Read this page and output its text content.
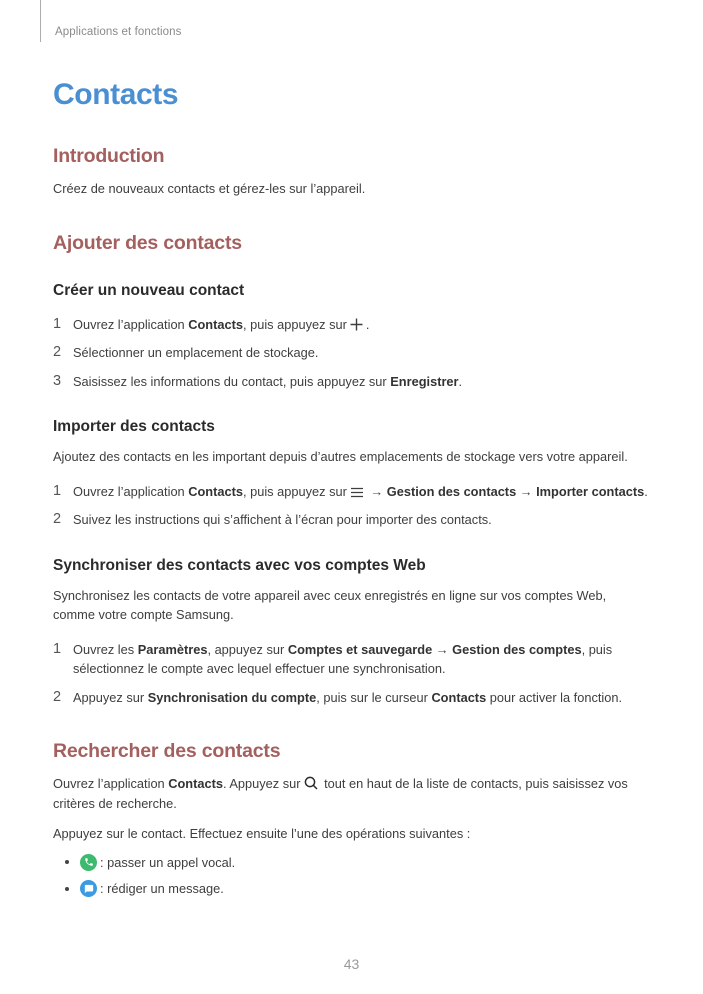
Applications et fonctions
Contacts
Introduction

Créez de nouveaux contacts et gérez-les sur l’appareil.

Ajouter des contacts
Créer un nouveau contact
1 Ouvrez l’application Contacts, puis appuyez sur .
2 Sélectionner un emplacement de stockage.
3 Saisissez les informations du contact, puis appuyez sur Enregistrer.
Importer des contacts

Ajoutez des contacts en les important depuis d’autres emplacements de stockage vers votre appareil.

1 Ouvrez l’application Contacts, puis appuyez sur
→ Gestion des contacts → Importer contacts.
2 Suivez les instructions qui s’affichent à l’écran pour importer des contacts.
Synchroniser des contacts avec vos comptes Web

Synchronisez les contacts de votre appareil avec ceux enregistrés en ligne sur vos comptes Web, comme votre compte Samsung.

1 Ouvrez les Paramètres, appuyez sur Comptes et sauvegarde → Gestion des comptes, puis sélectionnez le compte avec lequel effectuer une synchronisation.
2 Appuyez sur Synchronisation du compte, puis sur le curseur Contacts pour activer la fonction.
Rechercher des contacts

Ouvrez l’application Contacts. Appuyez sur
tout en haut de la liste de contacts, puis saisissez vos critères de recherche.

Appuyez sur le contact. Effectuez ensuite l’une des opérations suivantes :

: passer un appel vocal.
: rédiger un message.
43
